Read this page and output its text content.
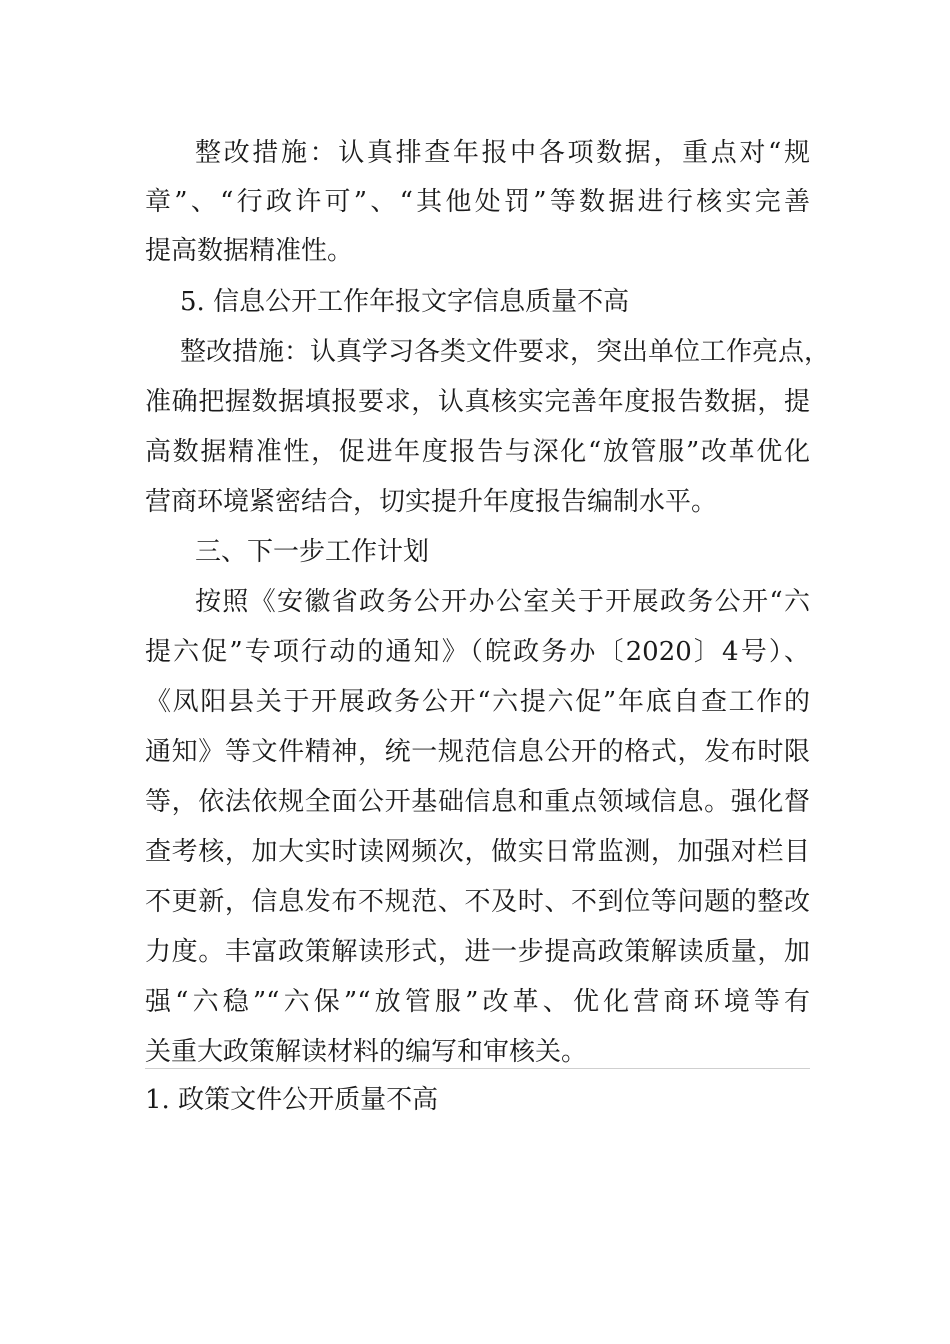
整改措施：认真排查年报中各项数据，重点对“规
章”、“行政许可”、“其他处罚”等数据进行核实完善
提高数据精准性。
5. 信息公开工作年报文字信息质量不高
整改措施：认真学习各类文件要求，突出单位工作亮点，
准确把握数据填报要求，认真核实完善年度报告数据，提
高数据精准性，促进年度报告与深化“放管服”改革优化
营商环境紧密结合，切实提升年度报告编制水平。
三、下一步工作计划
按照《安徽省政务公开办公室关于开展政务公开“六
提六促”专项行动的通知》（皖政务办〔2020〕4号）、
《凤阳县关于开展政务公开“六提六促”年底自查工作的
通知》等文件精神，统一规范信息公开的格式，发布时限
等，依法依规全面公开基础信息和重点领域信息。强化督
查考核，加大实时读网频次，做实日常监测，加强对栏目
不更新，信息发布不规范、不及时、不到位等问题的整改
力度。丰富政策解读形式，进一步提高政策解读质量，加
强“六稳”“六保”“放管服”改革、优化营商环境等有
关重大政策解读材料的编写和审核关。
1. 政策文件公开质量不高
